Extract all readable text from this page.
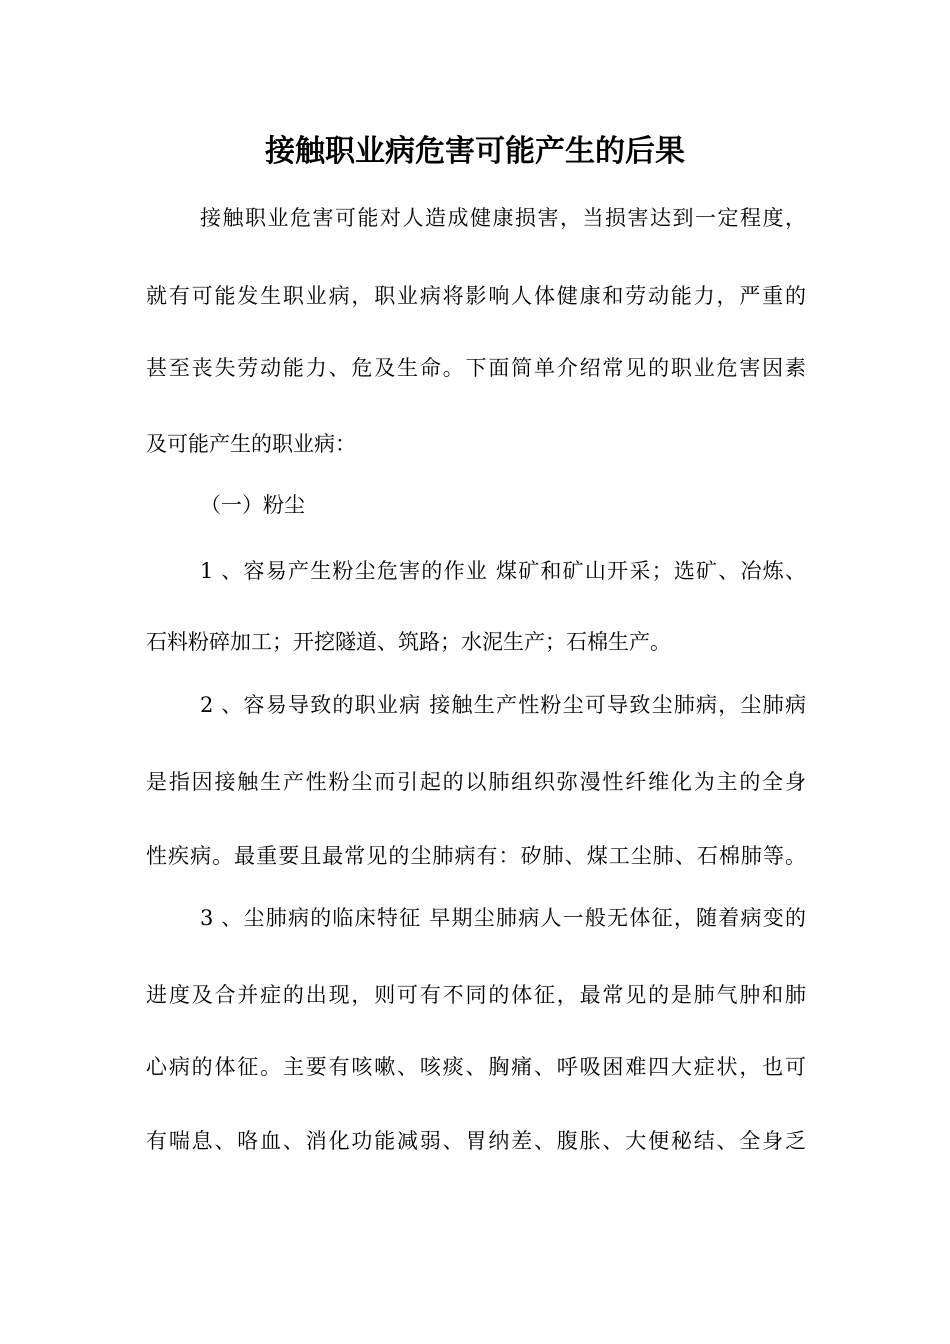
接触职业病危害可能产生的后果
接触职业危害可能对人造成健康损害，当损害达到一定程度，
就有可能发生职业病，职业病将影响人体健康和劳动能力，严重的
甚至丧失劳动能力、危及生命。下面简单介绍常见的职业危害因素
及可能产生的职业病：
（一）粉尘
1 、容易产生粉尘危害的作业 煤矿和矿山开采；选矿、冶炼、
石料粉碎加工；开挖隧道、筑路；水泥生产；石棉生产。
2 、容易导致的职业病 接触生产性粉尘可导致尘肺病，尘肺病
是指因接触生产性粉尘而引起的以肺组织弥漫性纤维化为主的全身
性疾病。最重要且最常见的尘肺病有：矽肺、煤工尘肺、石棉肺等。
3 、尘肺病的临床特征 早期尘肺病人一般无体征，随着病变的
进度及合并症的出现，则可有不同的体征，最常见的是肺气肿和肺
心病的体征。主要有咳嗽、咳痰、胸痛、呼吸困难四大症状，也可
有喘息、咯血、消化功能减弱、胃纳差、腹胀、大便秘结、全身乏
